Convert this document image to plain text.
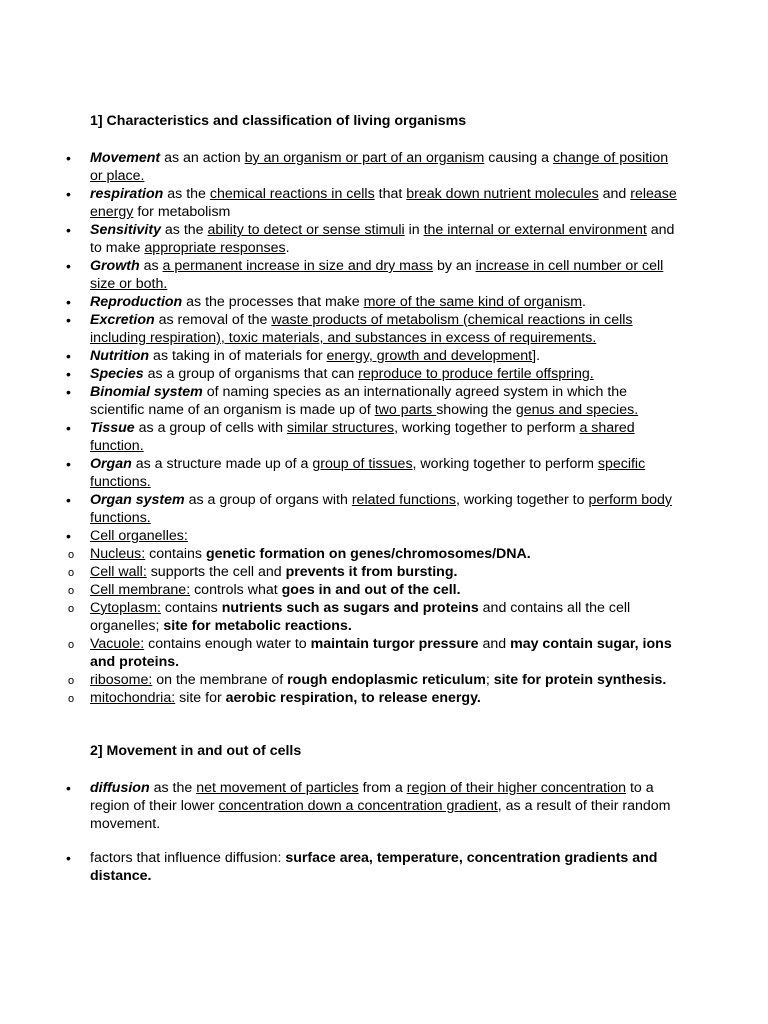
1] Characteristics and classification of living organisms
• Movement as an action by an organism or part of an organism causing a change of position or place.
• respiration as the chemical reactions in cells that break down nutrient molecules and release energy for metabolism
• Sensitivity as the ability to detect or sense stimuli in the internal or external environment and to make appropriate responses.
• Growth as a permanent increase in size and dry mass by an increase in cell number or cell size or both.
• Reproduction as the processes that make more of the same kind of organism.
• Excretion as removal of the waste products of metabolism (chemical reactions in cells including respiration), toxic materials, and substances in excess of requirements.
• Nutrition as taking in of materials for energy, growth and development].
• Species as a group of organisms that can reproduce to produce fertile offspring.
• Binomial system of naming species as an internationally agreed system in which the scientific name of an organism is made up of two parts showing the genus and species.
• Tissue as a group of cells with similar structures, working together to perform a shared function.
• Organ as a structure made up of a group of tissues, working together to perform specific functions.
• Organ system as a group of organs with related functions, working together to perform body functions.
• Cell organelles:
o Nucleus: contains genetic formation on genes/chromosomes/DNA.
o Cell wall: supports the cell and prevents it from bursting.
o Cell membrane: controls what goes in and out of the cell.
o Cytoplasm: contains nutrients such as sugars and proteins and contains all the cell organelles; site for metabolic reactions.
o Vacuole: contains enough water to maintain turgor pressure and may contain sugar, ions and proteins.
o ribosome: on the membrane of rough endoplasmic reticulum; site for protein synthesis.
o mitochondria: site for aerobic respiration, to release energy.
2] Movement in and out of cells
• diffusion as the net movement of particles from a region of their higher concentration to a region of their lower concentration down a concentration gradient, as a result of their random movement.
• factors that influence diffusion: surface area, temperature, concentration gradients and distance.
